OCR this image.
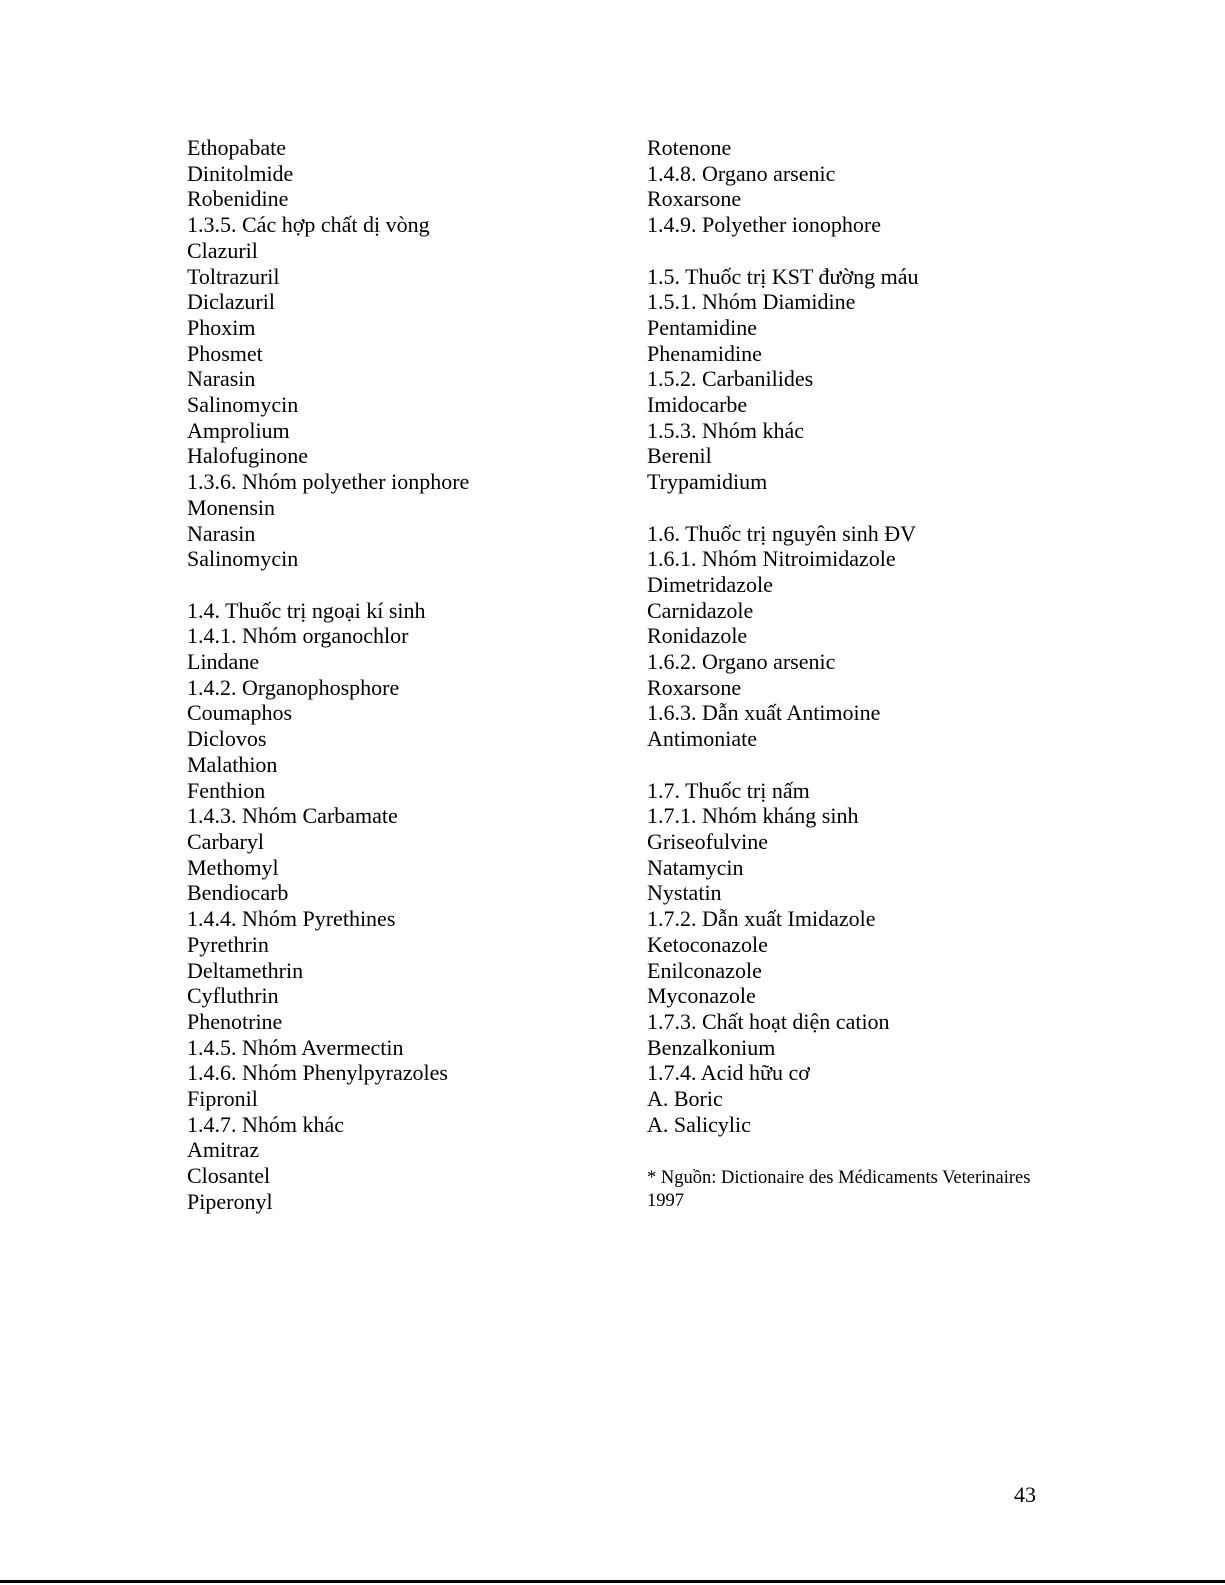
Ethopabate
Dinitolmide
Robenidine
1.3.5. Các hợp chất dị vòng
Clazuril
Toltrazuril
Diclazuril
Phoxim
Phosmet
Narasin
Salinomycin
Amprolium
Halofuginone
1.3.6. Nhóm polyether ionphore
Monensin
Narasin
Salinomycin
1.4. Thuốc trị ngoại kí sinh
1.4.1. Nhóm organochlor
Lindane
1.4.2. Organophosphore
Coumaphos
Diclovos
Malathion
Fenthion
1.4.3. Nhóm Carbamate
Carbaryl
Methomyl
Bendiocarb
1.4.4. Nhóm Pyrethines
Pyrethrin
Deltamethrin
Cyfluthrin
Phenotrine
1.4.5. Nhóm Avermectin
1.4.6. Nhóm Phenylpyrazoles
Fipronil
1.4.7. Nhóm khác
Amitraz
Closantel
Piperonyl
Rotenone
1.4.8. Organo arsenic
Roxarsone
1.4.9. Polyether ionophore
1.5. Thuốc trị KST đường máu
1.5.1. Nhóm Diamidine
Pentamidine
Phenamidine
1.5.2. Carbanilides
Imidocarbe
1.5.3. Nhóm khác
Berenil
Trypamidium
1.6. Thuốc trị nguyên sinh ĐV
1.6.1. Nhóm Nitroimidazole
Dimetridazole
Carnidazole
Ronidazole
1.6.2. Organo arsenic
Roxarsone
1.6.3. Dẫn xuất Antimoine
Antimoniate
1.7. Thuốc trị nấm
1.7.1. Nhóm kháng sinh
Griseofulvine
Natamycin
Nystatin
1.7.2. Dẫn xuất Imidazole
Ketoconazole
Enilconazole
Myconazole
1.7.3. Chất hoạt diện cation
Benzalkonium
1.7.4. Acid hữu cơ
A. Boric
A. Salicylic
* Nguồn: Dictionaire des Médicaments Veterinaires
1997
43
